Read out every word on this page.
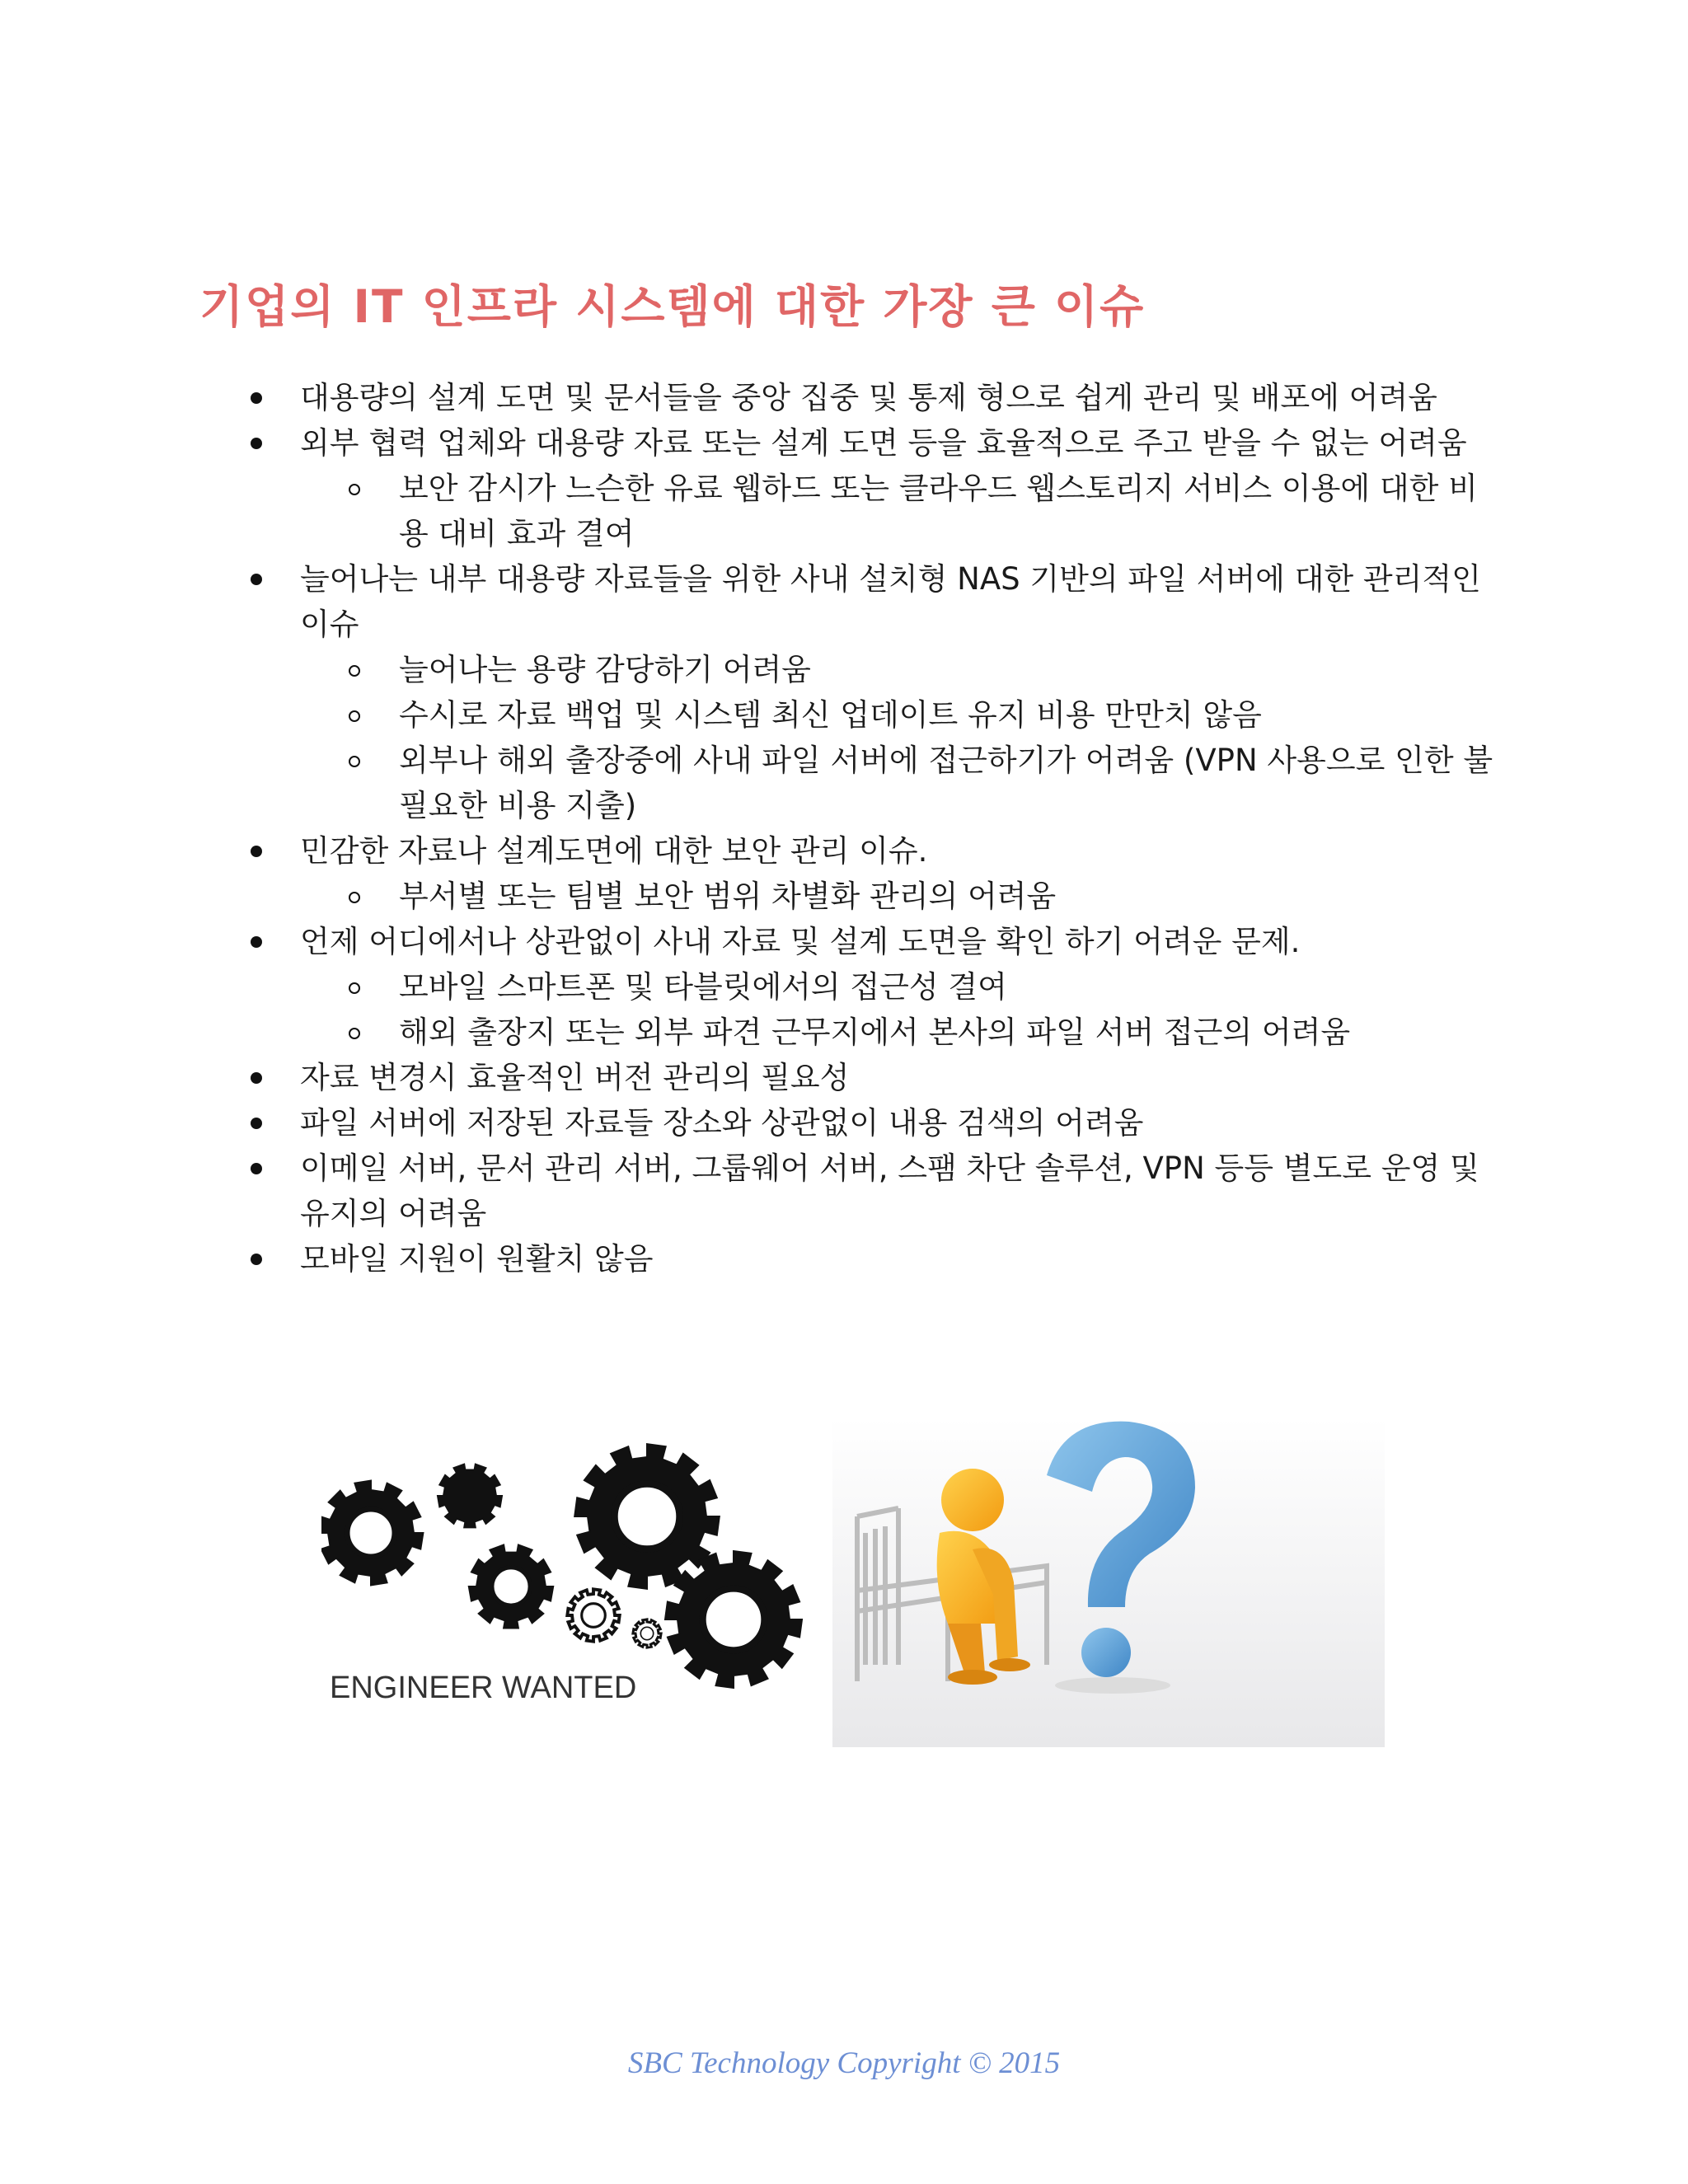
기업의 IT 인프라 시스템에 대한 가장 큰 이슈
대용량의 설계 도면 및 문서들을 중앙 집중 및 통제 형으로 쉽게 관리 및 배포에 어려움
외부 협력 업체와 대용량 자료 또는 설계 도면 등을 효율적으로 주고 받을 수 없는 어려움
보안 감시가 느슨한 유료 웹하드 또는 클라우드 웹스토리지 서비스 이용에 대한 비용 대비 효과 결여
늘어나는 내부 대용량 자료들을 위한 사내 설치형 NAS 기반의 파일 서버에 대한 관리적인 이슈
늘어나는 용량 감당하기 어려움
수시로 자료 백업 및 시스템 최신 업데이트 유지 비용 만만치 않음
외부나 해외 출장중에 사내 파일 서버에 접근하기가 어려움 (VPN 사용으로 인한 불필요한 비용 지출)
민감한 자료나 설계도면에 대한 보안 관리 이슈.
부서별 또는 팀별 보안 범위 차별화 관리의 어려움
언제 어디에서나 상관없이 사내 자료 및 설계 도면을 확인 하기 어려운 문제.
모바일 스마트폰 및 타블릿에서의 접근성 결여
해외 출장지 또는 외부 파견 근무지에서 본사의 파일 서버 접근의 어려움
자료 변경시 효율적인 버전 관리의 필요성
파일 서버에 저장된 자료들 장소와 상관없이 내용 검색의 어려움
이메일 서버, 문서 관리 서버, 그룹웨어 서버, 스팸 차단 솔루션, VPN 등등 별도로 운영 및 유지의 어려움
모바일 지원이 원활치 않음
ENGINEER WANTED

SBC Technology Copyright © 2015
